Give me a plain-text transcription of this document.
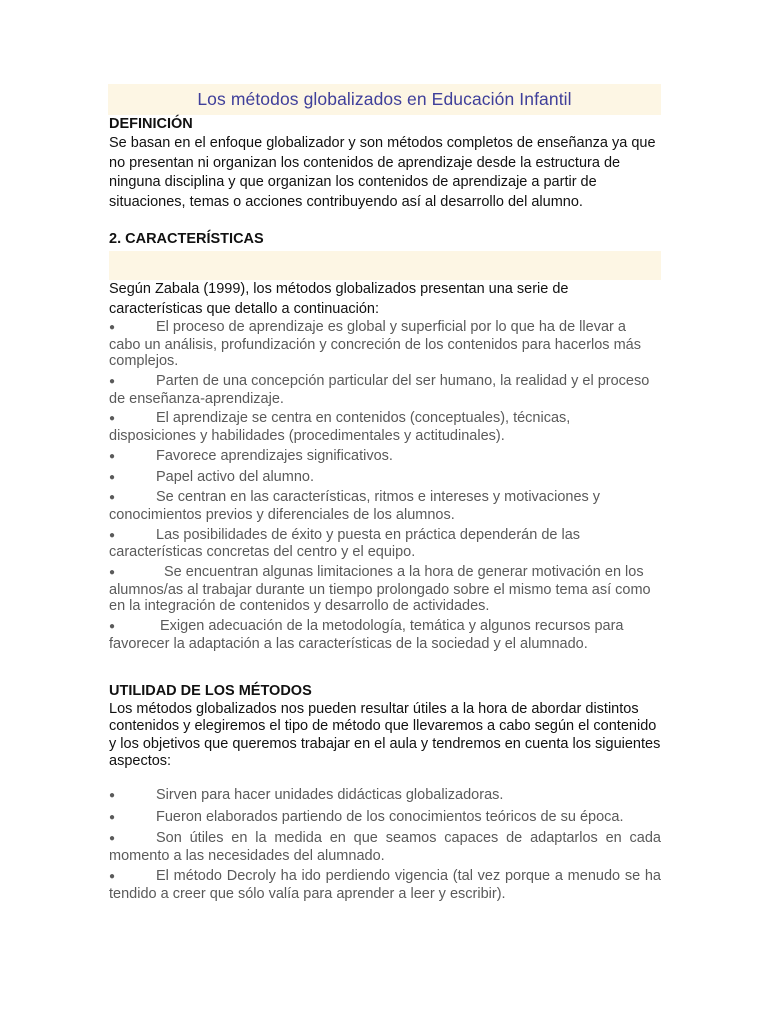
Los métodos globalizados en Educación Infantil
DEFINICIÓN
Se basan en el enfoque globalizador y son métodos completos de enseñanza ya que no presentan ni organizan los contenidos de aprendizaje desde la estructura de ninguna disciplina y que organizan los contenidos de aprendizaje a partir de situaciones, temas o acciones contribuyendo así al desarrollo del alumno.
2. CARACTERÍSTICAS
Según Zabala (1999), los métodos globalizados presentan una serie de características que detallo a continuación:
●	El proceso de aprendizaje es global y superficial por lo que ha de llevar a cabo un análisis, profundización y concreción de los contenidos para hacerlos más complejos.
●	Parten de una concepción particular del ser humano, la realidad y el proceso de enseñanza-aprendizaje.
●	El aprendizaje se centra en contenidos (conceptuales), técnicas, disposiciones y habilidades (procedimentales y actitudinales).
●	Favorece aprendizajes significativos.
●	Papel activo del alumno.
●	Se centran en las características, ritmos e intereses y motivaciones y conocimientos previos y diferenciales de los alumnos.
●	Las posibilidades de éxito y puesta en práctica dependerán de las características concretas del centro y el equipo.
●	Se encuentran algunas limitaciones a la hora de generar motivación en los alumnos/as al trabajar durante un tiempo prolongado sobre el mismo tema así como en la integración de contenidos y desarrollo de actividades.
●	Exigen adecuación de la metodología, temática y algunos recursos para favorecer la adaptación a las características de la sociedad y el alumnado.
UTILIDAD DE LOS MÉTODOS
Los métodos globalizados nos pueden resultar útiles a la hora de abordar distintos contenidos y elegiremos el tipo de método que llevaremos a cabo según el contenido y los objetivos que queremos trabajar en el aula y tendremos en cuenta los siguientes aspectos:
●	Sirven para hacer unidades didácticas globalizadoras.
●	Fueron elaborados partiendo de los conocimientos teóricos de su época.
●	Son útiles en la medida en que seamos capaces de adaptarlos en cada momento a las necesidades del alumnado.
●	El método Decroly ha ido perdiendo vigencia (tal vez porque a menudo se ha tendido a creer que sólo valía para aprender a leer y escribir).
